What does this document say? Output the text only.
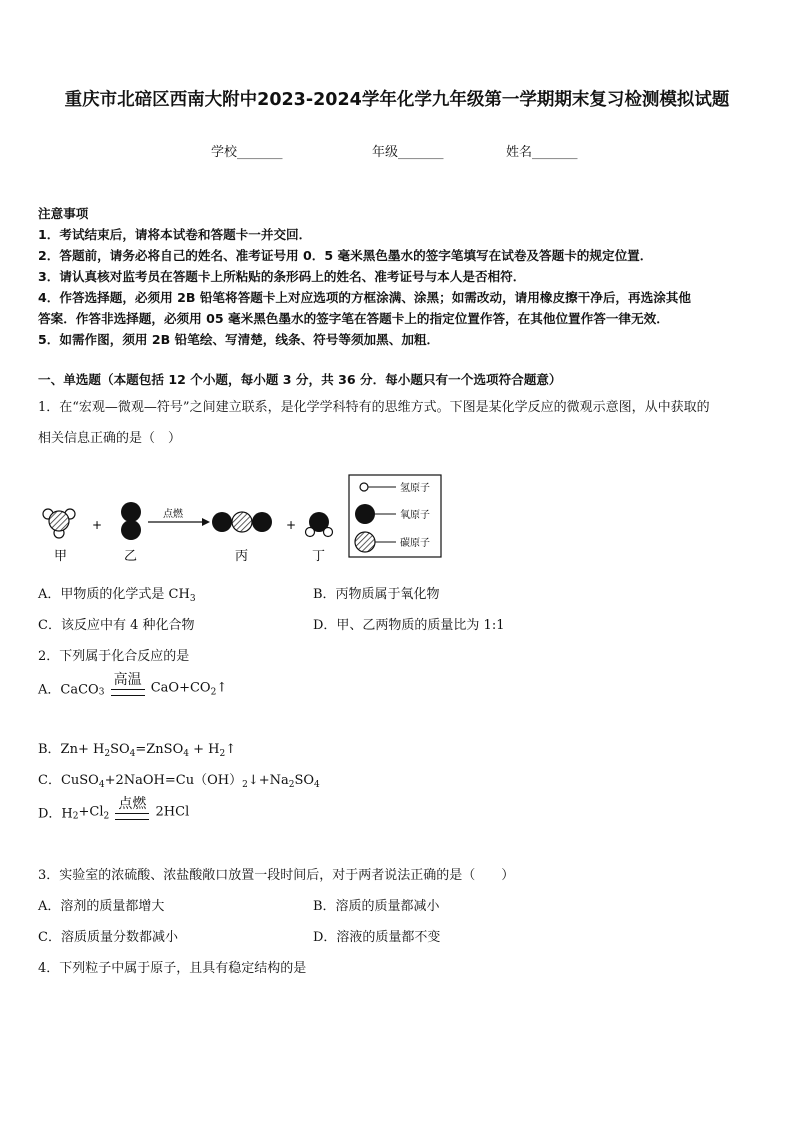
重庆市北碚区西南大附中2023-2024学年化学九年级第一学期期末复习检测模拟试题
学校_______	年级_______	姓名_______
注意事项
1．考试结束后，请将本试卷和答题卡一并交回．
2．答题前，请务必将自己的姓名、准考证号用 0．5 毫米黑色墨水的签字笔填写在试卷及答题卡的规定位置．
3．请认真核对监考员在答题卡上所粘贴的条形码上的姓名、准考证号与本人是否相符．
4．作答选择题，必须用 2B 铅笔将答题卡上对应选项的方框涂满、涂黑；如需改动，请用橡皮擦干净后，再选涂其他
答案．作答非选择题，必须用 05 毫米黑色墨水的签字笔在答题卡上的指定位置作答，在其他位置作答一律无效．
5．如需作图，须用 2B 铅笔绘、写清楚，线条、符号等须加黑、加粗．
一、单选题（本题包括 12 个小题，每小题 3 分，共 36 分．每小题只有一个选项符合题意）
1．在“宏观—微观—符号”之间建立联系，是化学学科特有的思维方式。下图是某化学反应的微观示意图，从中获取的
相关信息正确的是（　）
甲
+
乙
点燃
丙
+
丁
氢原子
氧原子
碳原子
A．甲物质的化学式是 $CH_3$	B．丙物质属于氧化物
C．该反应中有 4 种化合物	D．甲、乙两物质的质量比为 1:1
2．下列属于化合反应的是
A．CaCO$_3$
高温 $CaO+CO_2↑$
B．$Zn+ H_2SO_4=ZnSO_4$ + $H_2↑$
C．$CuSO_4+2NaOH=Cu(OH)_2↓+Na_2SO_4$
D．$H_2+Cl_2$
点燃 2HCl
3．实验室的浓硫酸、浓盐酸敞口放置一段时间后，对于两者说法正确的是（　　）
A．溶剂的质量都增大	B．溶质的质量都减小
C．溶质质量分数都减小	D．溶液的质量都不变
4．下列粒子中属于原子，且具有稳定结构的是
